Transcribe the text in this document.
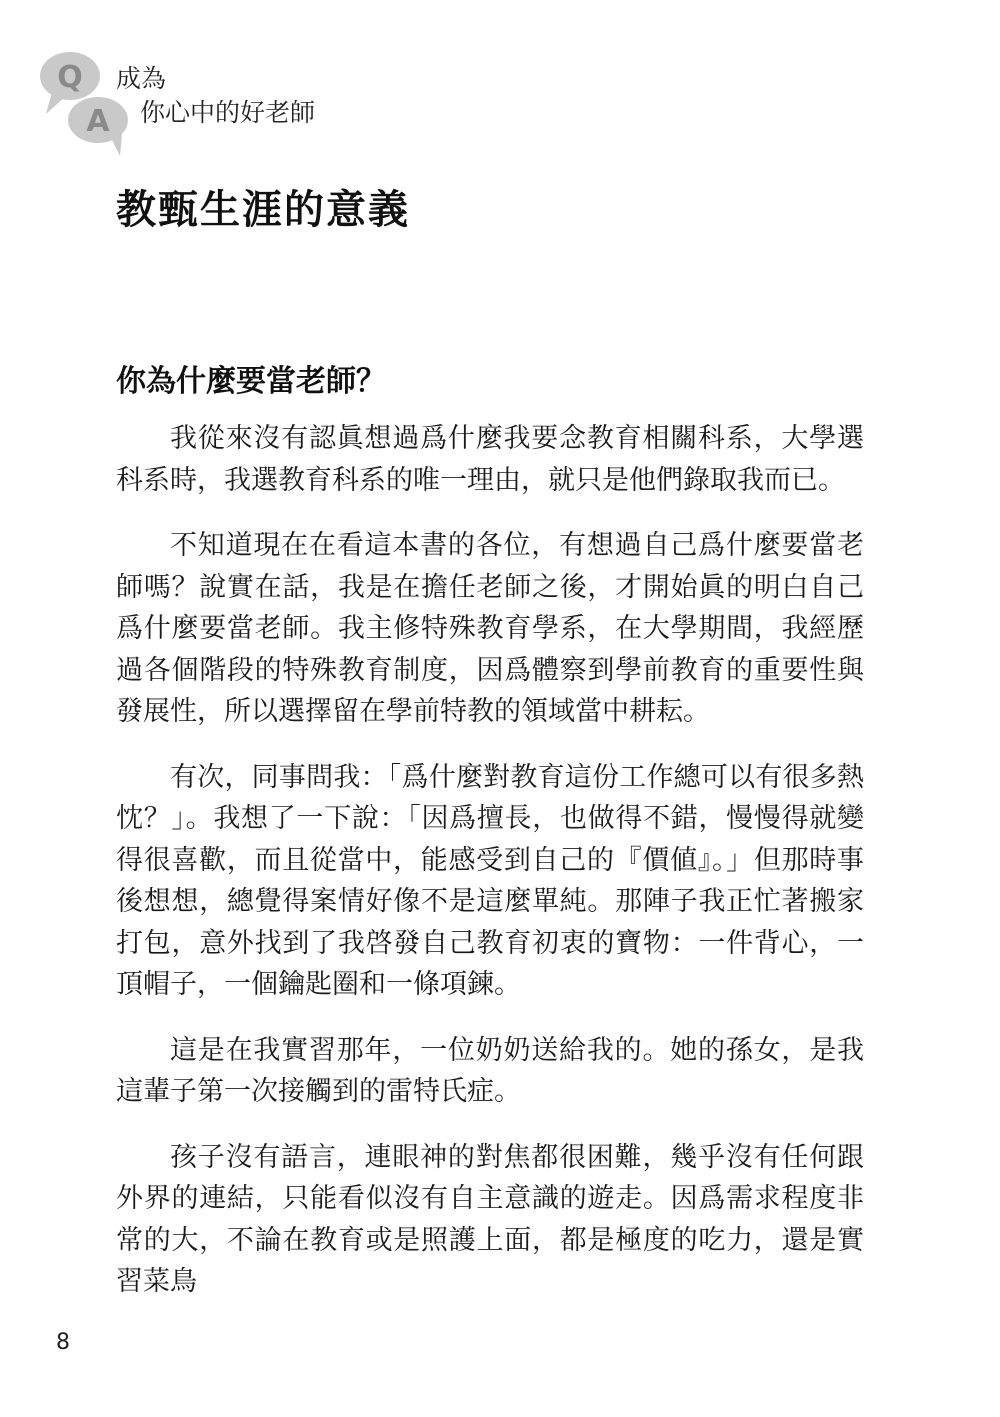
Q
A
成為
你心中的好老師
教甄生涯的意義
你為什麼要當老師？

我從來沒有認眞想過爲什麼我要念教育相關科系，大學選科系時，我選教育科系的唯一理由，就只是他們錄取我而已。

不知道現在在看這本書的各位，有想過自己爲什麼要當老師嗎？說實在話，我是在擔任老師之後，才開始眞的明白自己爲什麼要當老師。我主修特殊教育學系，在大學期間，我經歷過各個階段的特殊教育制度，因爲體察到學前教育的重要性與發展性，所以選擇留在學前特教的領域當中耕耘。

有次，同事問我：「爲什麼對教育這份工作總可以有很多熱忱？」。我想了一下說：「因爲擅長，也做得不錯，慢慢得就變得很喜歡，而且從當中，能感受到自己的『價値』。」但那時事後想想，總覺得案情好像不是這麼單純。那陣子我正忙著搬家打包，意外找到了我啓發自己教育初衷的寶物：一件背心，一頂帽子，一個鑰匙圈和一條項鍊。

這是在我實習那年，一位奶奶送給我的。她的孫女，是我這輩子第一次接觸到的雷特氏症。

孩子沒有語言，連眼神的對焦都很困難，幾乎沒有任何跟外界的連結，只能看似沒有自主意識的遊走。因爲需求程度非常的大，不論在教育或是照護上面，都是極度的吃力，還是實習菜鳥

8
